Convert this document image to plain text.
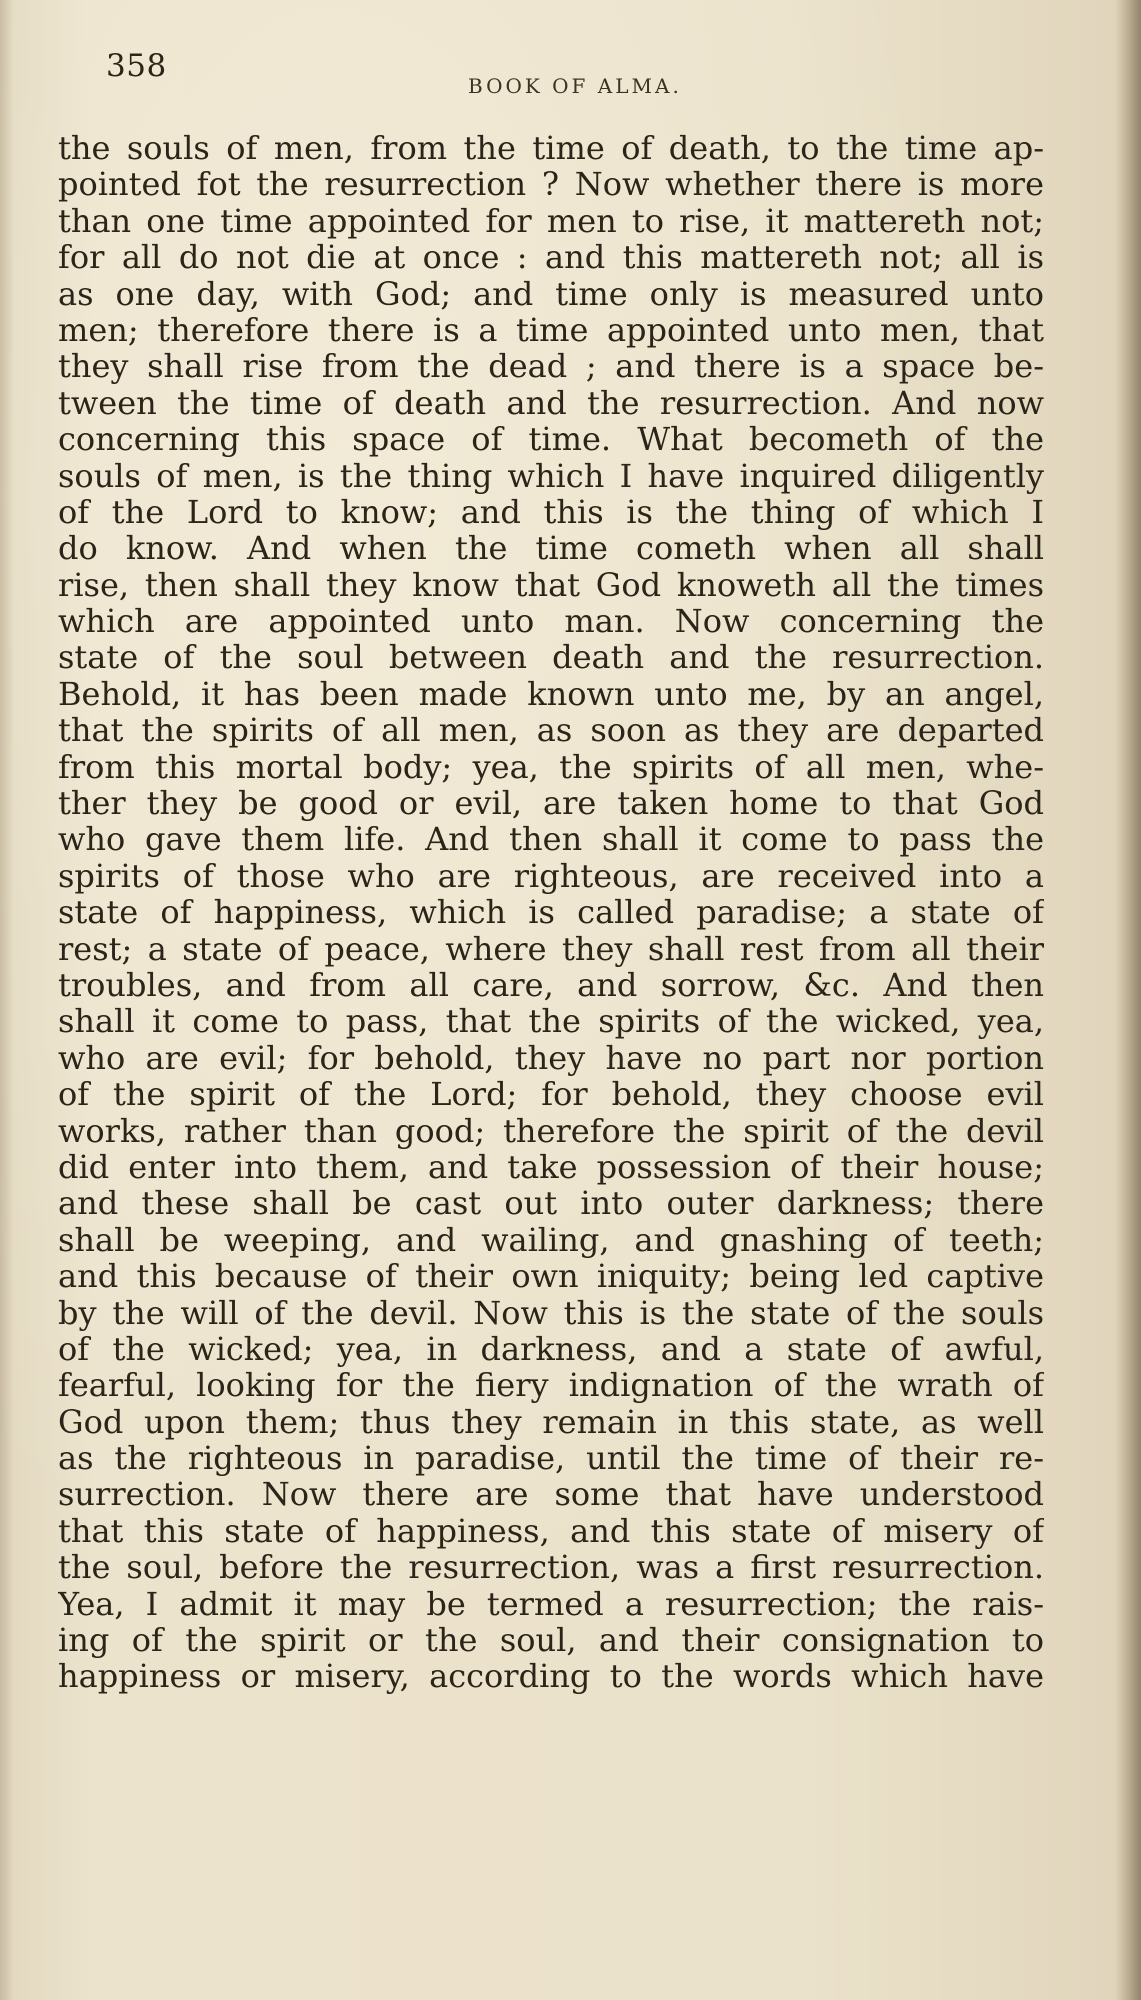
358
BOOK OF ALMA.
the souls of men, from the time of death, to the time ap-
pointed fot the resurrection ? Now whether there is more
than one time appointed for men to rise, it mattereth not;
for all do not die at once : and this mattereth not; all is
as one day, with God; and time only is measured unto
men; therefore there is a time appointed unto men, that
they shall rise from the dead ; and there is a space be-
tween the time of death and the resurrection. And now
concerning this space of time. What becometh of the
souls of men, is the thing which I have inquired diligently
of the Lord to know; and this is the thing of which I
do know. And when the time cometh when all shall
rise, then shall they know that God knoweth all the times
which are appointed unto man. Now concerning the
state of the soul between death and the resurrection.
Behold, it has been made known unto me, by an angel,
that the spirits of all men, as soon as they are departed
from this mortal body; yea, the spirits of all men, whe-
ther they be good or evil, are taken home to that God
who gave them life. And then shall it come to pass the
spirits of those who are righteous, are received into a
state of happiness, which is called paradise; a state of
rest; a state of peace, where they shall rest from all their
troubles, and from all care, and sorrow, &c. And then
shall it come to pass, that the spirits of the wicked, yea,
who are evil; for behold, they have no part nor portion
of the spirit of the Lord; for behold, they choose evil
works, rather than good; therefore the spirit of the devil
did enter into them, and take possession of their house;
and these shall be cast out into outer darkness; there
shall be weeping, and wailing, and gnashing of teeth;
and this because of their own iniquity; being led captive
by the will of the devil. Now this is the state of the souls
of the wicked; yea, in darkness, and a state of awful,
fearful, looking for the fiery indignation of the wrath of
God upon them; thus they remain in this state, as well
as the righteous in paradise, until the time of their re-
surrection. Now there are some that have understood
that this state of happiness, and this state of misery of
the soul, before the resurrection, was a first resurrection.
Yea, I admit it may be termed a resurrection; the rais-
ing of the spirit or the soul, and their consignation to
happiness or misery, according to the words which have
